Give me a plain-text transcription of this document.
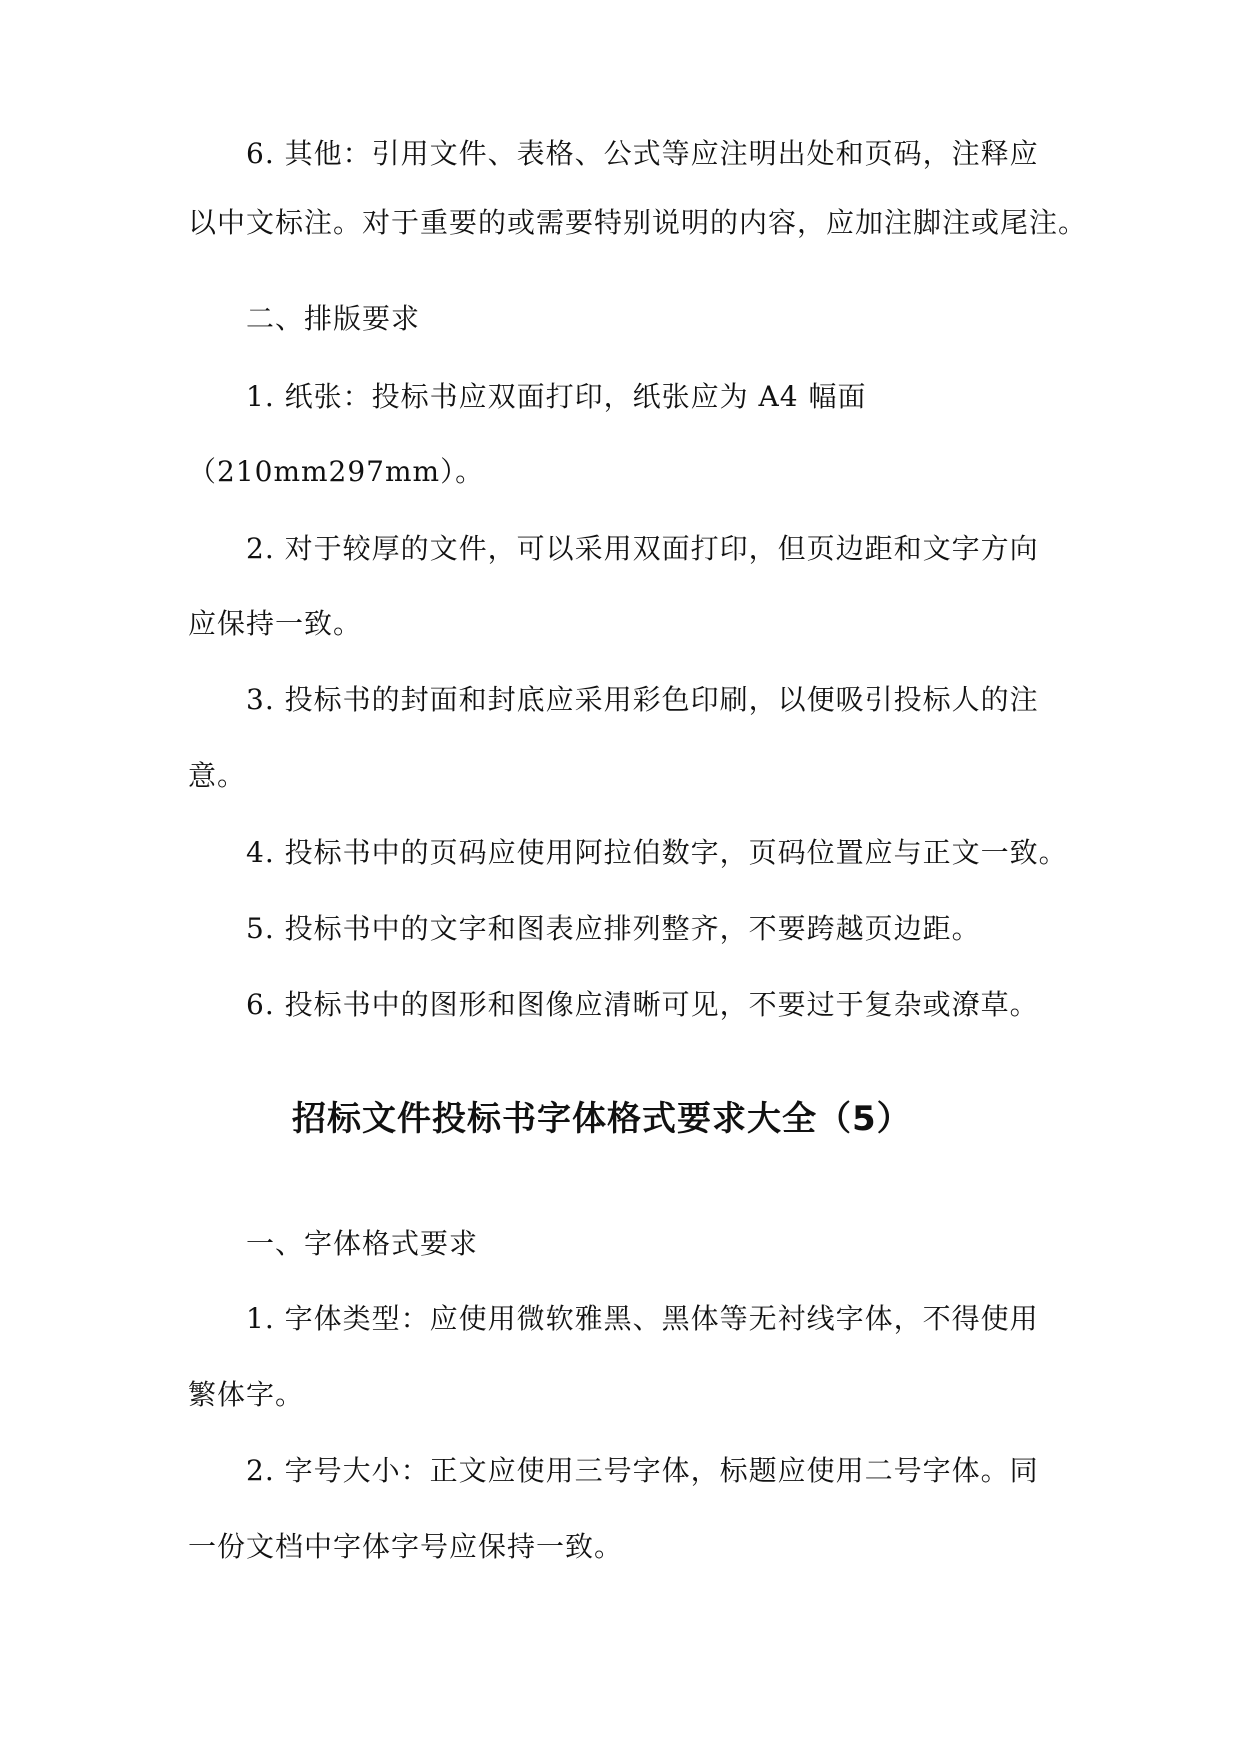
6. 其他：引用文件、表格、公式等应注明出处和页码，注释应
以中文标注。对于重要的或需要特别说明的内容，应加注脚注或尾注。
二、排版要求
1. 纸张：投标书应双面打印，纸张应为 A4 幅面
（210mm297mm）。
2. 对于较厚的文件，可以采用双面打印，但页边距和文字方向
应保持一致。
3. 投标书的封面和封底应采用彩色印刷，以便吸引投标人的注
意。
4. 投标书中的页码应使用阿拉伯数字，页码位置应与正文一致。
5. 投标书中的文字和图表应排列整齐，不要跨越页边距。
6. 投标书中的图形和图像应清晰可见，不要过于复杂或潦草。
招标文件投标书字体格式要求大全（5）
一、字体格式要求
1. 字体类型：应使用微软雅黑、黑体等无衬线字体，不得使用
繁体字。
2. 字号大小：正文应使用三号字体，标题应使用二号字体。同
一份文档中字体字号应保持一致。
